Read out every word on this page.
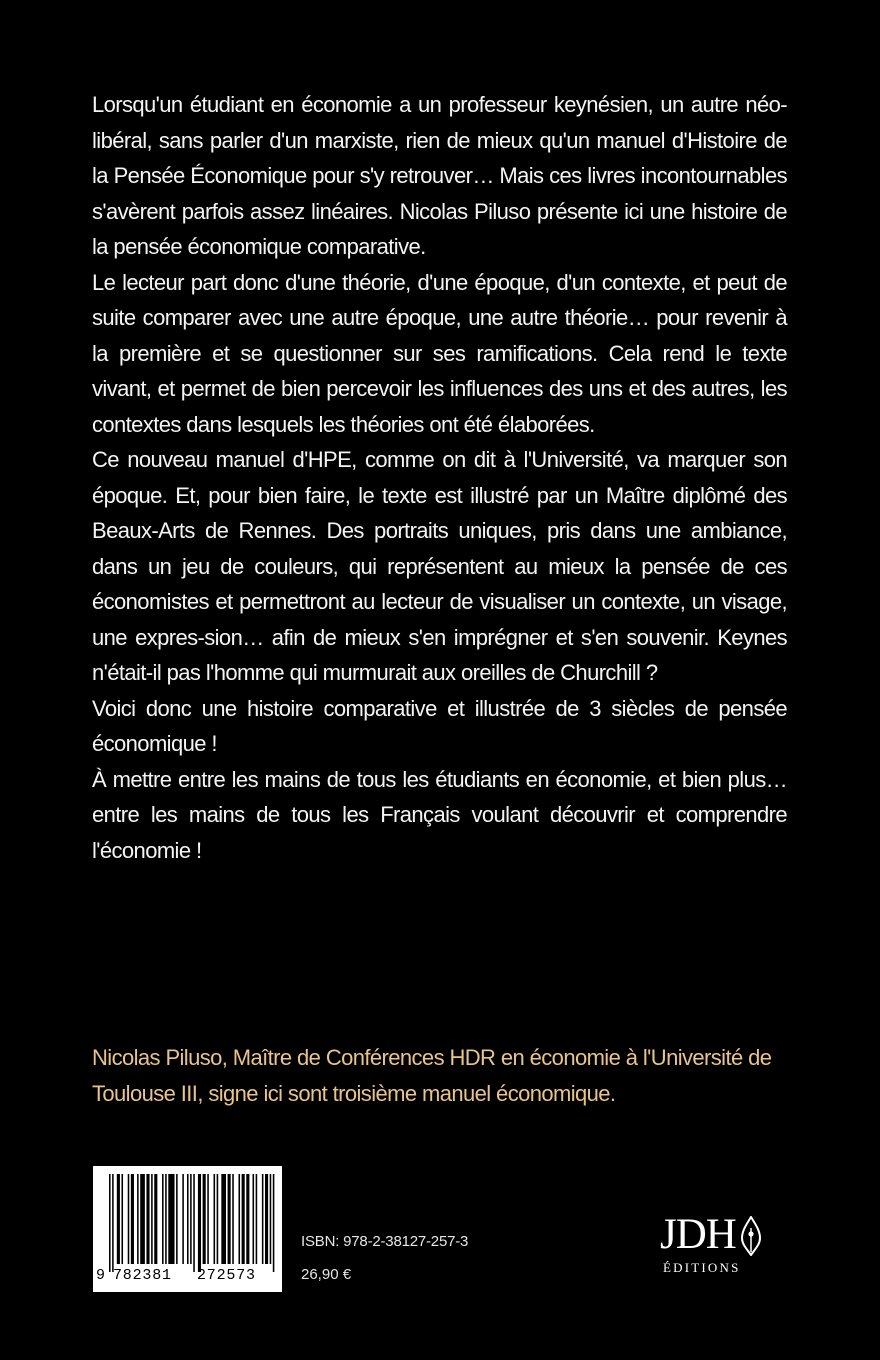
Lorsqu'un étudiant en économie a un professeur keynésien, un autre néo-libéral, sans parler d'un marxiste, rien de mieux qu'un manuel d'Histoire de la Pensée Économique pour s'y retrouver… Mais ces livres incontournables s'avèrent parfois assez linéaires. Nicolas Piluso présente ici une histoire de la pensée économique comparative.

Le lecteur part donc d'une théorie, d'une époque, d'un contexte, et peut de suite comparer avec une autre époque, une autre théorie… pour revenir à la première et se questionner sur ses ramifications. Cela rend le texte vivant, et permet de bien percevoir les influences des uns et des autres, les contextes dans lesquels les théories ont été élaborées.

Ce nouveau manuel d'HPE, comme on dit à l'Université, va marquer son époque. Et, pour bien faire, le texte est illustré par un Maître diplômé des Beaux-Arts de Rennes. Des portraits uniques, pris dans une ambiance, dans un jeu de couleurs, qui représentent au mieux la pensée de ces économistes et permettront au lecteur de visualiser un contexte, un visage, une expres-sion… afin de mieux s'en imprégner et s'en souvenir. Keynes n'était-il pas l'homme qui murmurait aux oreilles de Churchill ?

Voici donc une histoire comparative et illustrée de 3 siècles de pensée économique !

À mettre entre les mains de tous les étudiants en économie, et bien plus… entre les mains de tous les Français voulant découvrir et comprendre l'économie !

Nicolas Piluso, Maître de Conférences HDR en économie à l'Université de Toulouse III, signe ici sont troisième manuel économique.

9 782381 272573
ISBN: 978-2-38127-257-3
26,90 €
JDH
ÉDITIONS
